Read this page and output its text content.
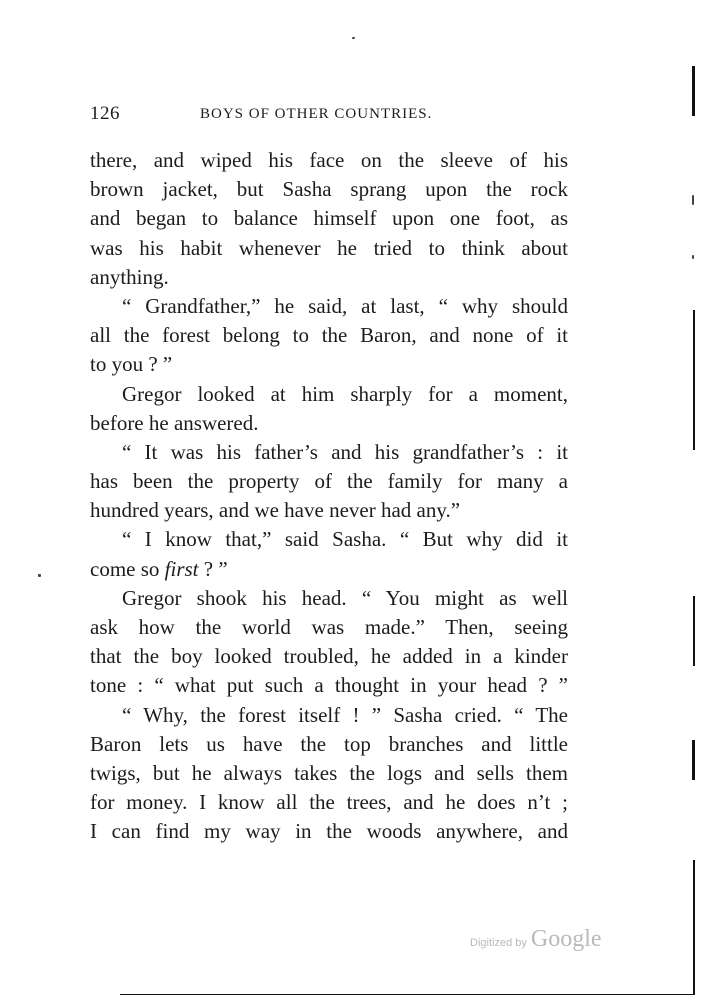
126	BOYS OF OTHER COUNTRIES.
there, and wiped his face on the sleeve of his
brown jacket, but Sasha sprang upon the rock
and began to balance himself upon one foot, as
was his habit whenever he tried to think about
anything.
“ Grandfather,” he said, at last, “ why should
all the forest belong to the Baron, and none of it
to you ? ”
Gregor looked at him sharply for a moment,
before he answered.
“ It was his father’s and his grandfather’s : it
has been the property of the family for many a
hundred years, and we have never had any.”
“ I know that,” said Sasha. “ But why did it
come so first ? ”
Gregor shook his head. “ You might as well
ask how the world was made.” Then, seeing
that the boy looked troubled, he added in a kinder
tone : “ what put such a thought in your head ? ”
“ Why, the forest itself ! ” Sasha cried. “ The
Baron lets us have the top branches and little
twigs, but he always takes the logs and sells them
for money. I know all the trees, and he does n’t ;
I can find my way in the woods anywhere, and
Digitized by Google
